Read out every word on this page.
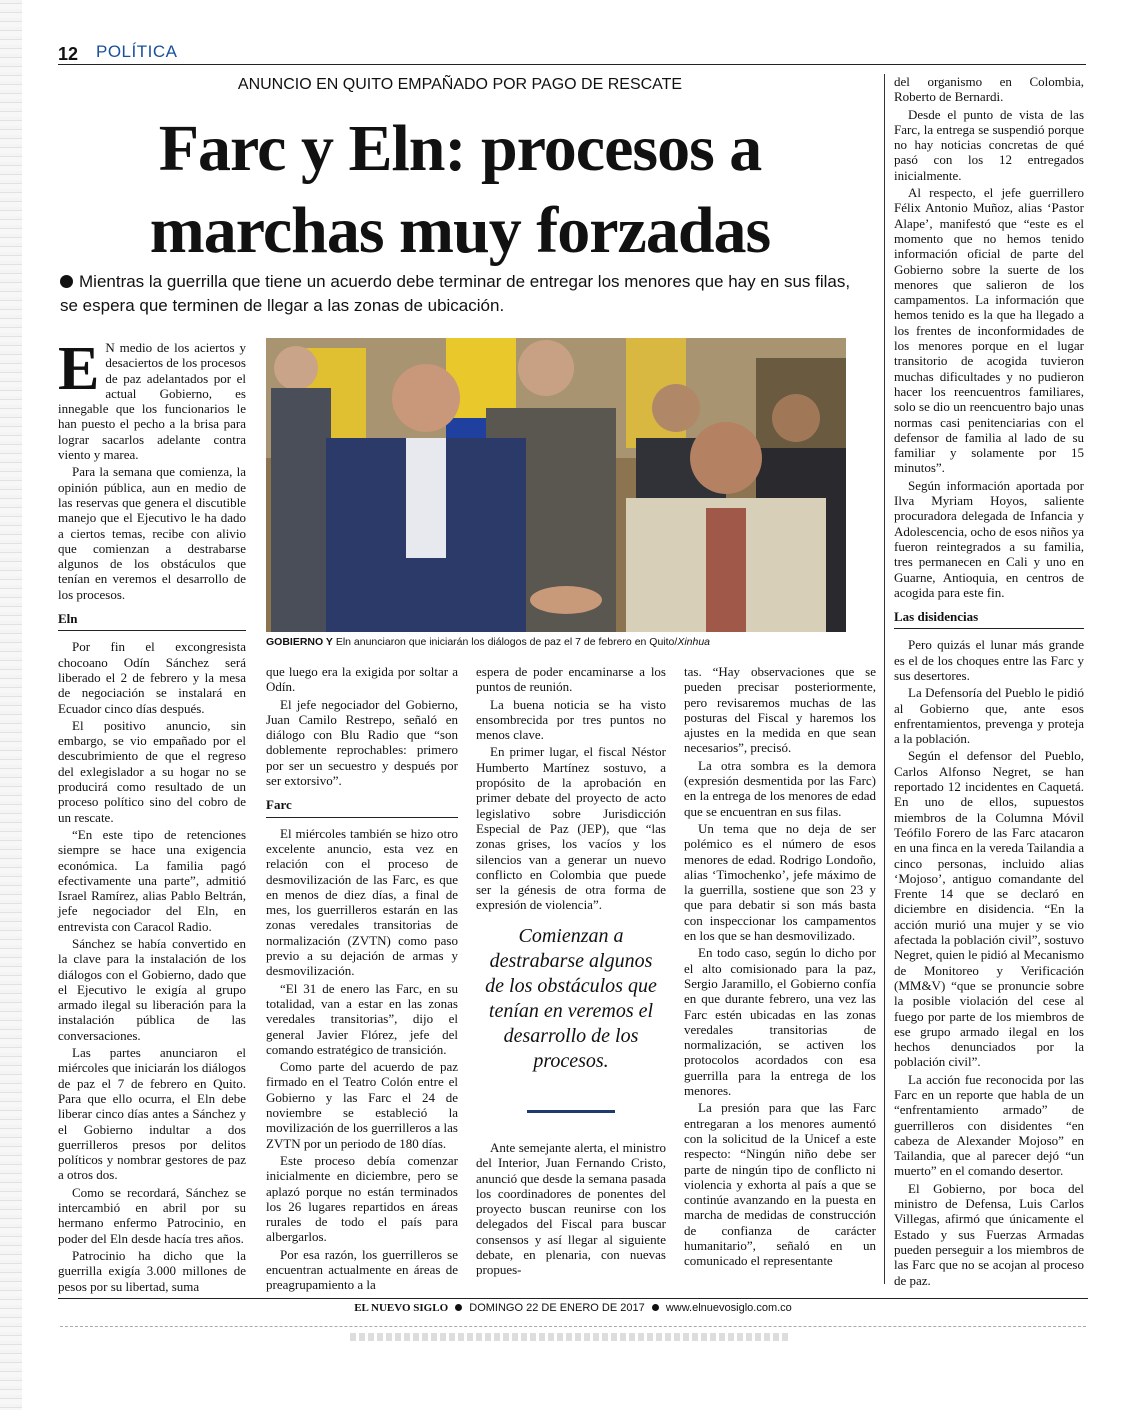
12 POLÍTICA
ANUNCIO EN QUITO EMPAÑADO POR PAGO DE RESCATE
Farc y Eln: procesos a marchas muy forzadas
Mientras la guerrilla que tiene un acuerdo debe terminar de entregar los menores que hay en sus filas, se espera que terminen de llegar a las zonas de ubicación.

E N medio de los aciertos y desaciertos de los procesos de paz adelantados por el actual Gobierno, es innegable que los funcionarios le han puesto el pecho a la brisa para lograr sacarlos adelante contra viento y marea.

Para la semana que comienza, la opinión pública, aun en medio de las reservas que genera el discutible manejo que el Ejecutivo le ha dado a ciertos temas, recibe con alivio que comienzan a destrabarse algunos de los obstáculos que tenían en veremos el desarrollo de los procesos.

Eln

Por fin el excongresista chocoano Odín Sánchez será liberado el 2 de febrero y la mesa de negociación se instalará en Ecuador cinco días después.

El positivo anuncio, sin embargo, se vio empañado por el descubrimiento de que el regreso del exlegislador a su hogar no se producirá como resultado de un proceso político sino del cobro de un rescate.

“En este tipo de retenciones siempre se hace una exigencia económica. La familia pagó efectivamente una parte”, admitió Israel Ramírez, alias Pablo Beltrán, jefe negociador del Eln, en entrevista con Caracol Radio.

Sánchez se había convertido en la clave para la instalación de los diálogos con el Gobierno, dado que el Ejecutivo le exigía al grupo armado ilegal su liberación para la instalación pública de las conversaciones.

Las partes anunciaron el miércoles que iniciarán los diálogos de paz el 7 de febrero en Quito. Para que ello ocurra, el Eln debe liberar cinco días antes a Sánchez y el Gobierno indultar a dos guerrilleros presos por delitos políticos y nombrar gestores de paz a otros dos.

Como se recordará, Sánchez se intercambió en abril por su hermano enfermo Patrocinio, en poder del Eln desde hacía tres años.

Patrocinio ha dicho que la guerrilla exigía 3.000 millones de pesos por su libertad, suma

GOBIERNO Y Eln anunciaron que iniciarán los diálogos de paz el 7 de febrero en Quito/Xinhua

que luego era la exigida por soltar a Odín.

El jefe negociador del Gobierno, Juan Camilo Restrepo, señaló en diálogo con Blu Radio que “son doblemente reprochables: primero por ser un secuestro y después por ser extorsivo”.

Farc

El miércoles también se hizo otro excelente anuncio, esta vez en relación con el proceso de desmovilización de las Farc, es que en menos de diez días, a final de mes, los guerrilleros estarán en las zonas veredales transitorias de normalización (ZVTN) como paso previo a su dejación de armas y desmovilización.

“El 31 de enero las Farc, en su totalidad, van a estar en las zonas veredales transitorias”, dijo el general Javier Flórez, jefe del comando estratégico de transición.

Como parte del acuerdo de paz firmado en el Teatro Colón entre el Gobierno y las Farc el 24 de noviembre se estableció la movilización de los guerrilleros a las ZVTN por un periodo de 180 días.

Este proceso debía comenzar inicialmente en diciembre, pero se aplazó porque no están terminados los 26 lugares repartidos en áreas rurales de todo el país para albergarlos.

Por esa razón, los guerrilleros se encuentran actualmente en áreas de preagrupamiento a la

espera de poder encaminarse a los puntos de reunión.

La buena noticia se ha visto ensombrecida por tres puntos no menos clave.

En primer lugar, el fiscal Néstor Humberto Martínez sostuvo, a propósito de la aprobación en primer debate del proyecto de acto legislativo sobre Jurisdicción Especial de Paz (JEP), que “las zonas grises, los vacíos y los silencios van a generar un nuevo conflicto en Colombia que puede ser la génesis de otra forma de expresión de violencia”.

Comienzan a destrabarse algunos de los obstáculos que tenían en veremos el desarrollo de los procesos.

Ante semejante alerta, el ministro del Interior, Juan Fernando Cristo, anunció que desde la semana pasada los coordinadores de ponentes del proyecto buscan reunirse con los delegados del Fiscal para buscar consensos y así llegar al siguiente debate, en plenaria, con nuevas propues-

tas. “Hay observaciones que se pueden precisar posteriormente, pero revisaremos muchas de las posturas del Fiscal y haremos los ajustes en la medida en que sean necesarios”, precisó.

La otra sombra es la demora (expresión desmentida por las Farc) en la entrega de los menores de edad que se encuentran en sus filas.

Un tema que no deja de ser polémico es el número de esos menores de edad. Rodrigo Londoño, alias ‘Timochenko’, jefe máximo de la guerrilla, sostiene que son 23 y que para debatir si son más basta con inspeccionar los campamentos en los que se han desmovilizado.

En todo caso, según lo dicho por el alto comisionado para la paz, Sergio Jaramillo, el Gobierno confía en que durante febrero, una vez las Farc estén ubicadas en las zonas veredales transitorias de normalización, se activen los protocolos acordados con esa guerrilla para la entrega de los menores.

La presión para que las Farc entregaran a los menores aumentó con la solicitud de la Unicef a este respecto: “Ningún niño debe ser parte de ningún tipo de conflicto ni violencia y exhorta al país a que se continúe avanzando en la puesta en marcha de medidas de construcción de confianza de carácter humanitario”, señaló en un comunicado el representante

del organismo en Colombia, Roberto de Bernardi.

Desde el punto de vista de las Farc, la entrega se suspendió porque no hay noticias concretas de qué pasó con los 12 entregados inicialmente.

Al respecto, el jefe guerrillero Félix Antonio Muñoz, alias ‘Pastor Alape’, manifestó que “este es el momento que no hemos tenido información oficial de parte del Gobierno sobre la suerte de los menores que salieron de los campamentos. La información que hemos tenido es la que ha llegado a los frentes de inconformidades de los menores porque en el lugar transitorio de acogida tuvieron muchas dificultades y no pudieron hacer los reencuentros familiares, solo se dio un reencuentro bajo unas normas casi penitenciarias con el defensor de familia al lado de su familiar y solamente por 15 minutos”.

Según información aportada por Ilva Myriam Hoyos, saliente procuradora delegada de Infancia y Adolescencia, ocho de esos niños ya fueron reintegrados a su familia, tres permanecen en Cali y uno en Guarne, Antioquia, en centros de acogida para este fin.

Las disidencias

Pero quizás el lunar más grande es el de los choques entre las Farc y sus desertores.

La Defensoría del Pueblo le pidió al Gobierno que, ante esos enfrentamientos, prevenga y proteja a la población.

Según el defensor del Pueblo, Carlos Alfonso Negret, se han reportado 12 incidentes en Caquetá. En uno de ellos, supuestos miembros de la Columna Móvil Teófilo Forero de las Farc atacaron en una finca en la vereda Tailandia a cinco personas, incluido alias ‘Mojoso’, antiguo comandante del Frente 14 que se declaró en diciembre en disidencia. “En la acción murió una mujer y se vio afectada la población civil”, sostuvo Negret, quien le pidió al Mecanismo de Monitoreo y Verificación (MM&V) “que se pronuncie sobre la posible violación del cese al fuego por parte de los miembros de ese grupo armado ilegal en los hechos denunciados por la población civil”.

La acción fue reconocida por las Farc en un reporte que habla de un “enfrentamiento armado” de guerrilleros con disidentes “en cabeza de Alexander Mojoso” en Tailandia, que al parecer dejó “un muerto” en el comando desertor.

El Gobierno, por boca del ministro de Defensa, Luis Carlos Villegas, afirmó que únicamente el Estado y sus Fuerzas Armadas pueden perseguir a los miembros de las Farc que no se acojan al proceso de paz.

EL NUEVO SIGLO DOMINGO 22 DE ENERO DE 2017 www.elnuevosiglo.com.co
